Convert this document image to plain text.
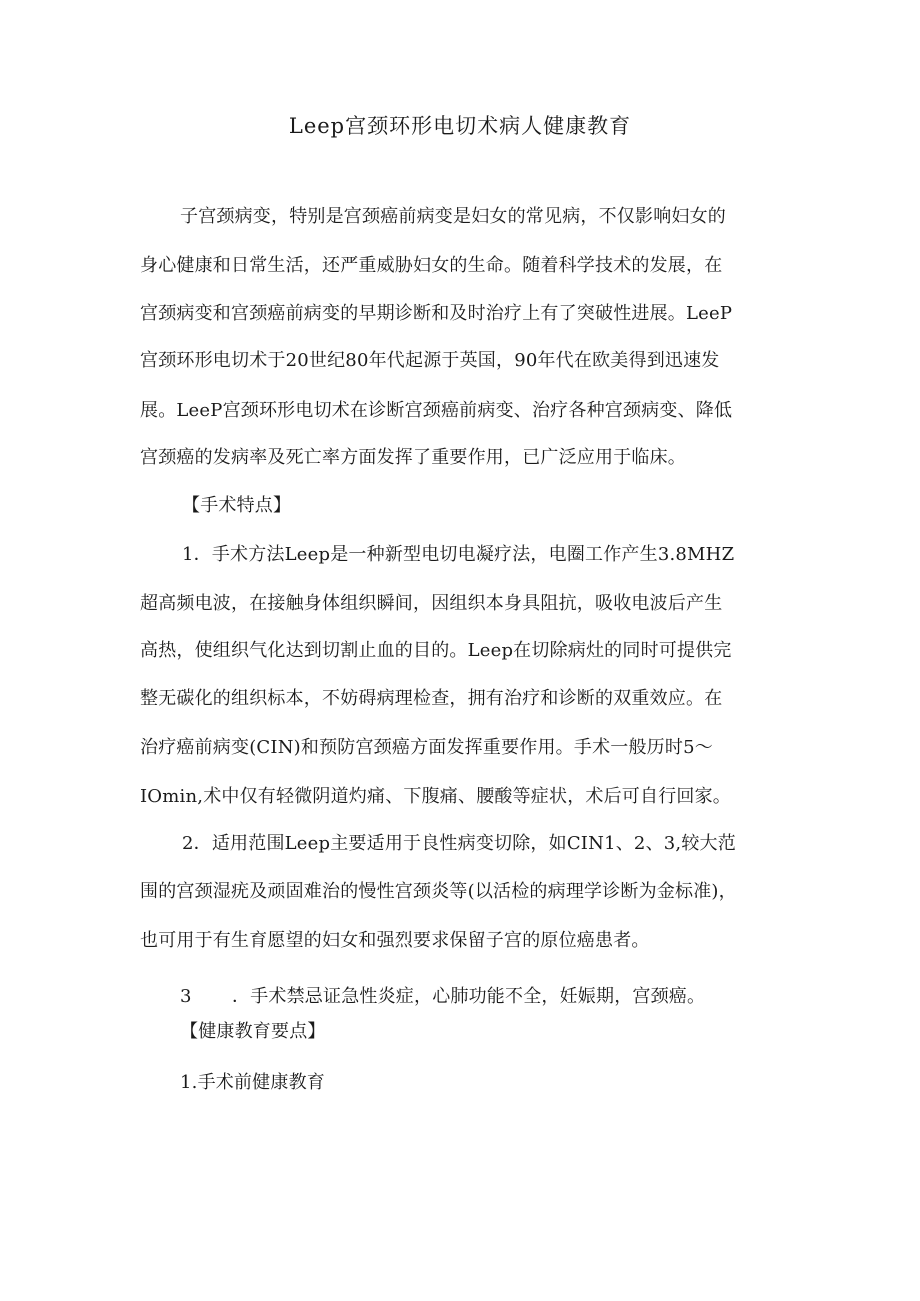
Leep宫颈环形电切术病人健康教育
子宫颈病变，特别是宫颈癌前病变是妇女的常见病，不仅影响妇女的
身心健康和日常生活，还严重威胁妇女的生命。随着科学技术的发展，在
宫颈病变和宫颈癌前病变的早期诊断和及时治疗上有了突破性进展。LeeP
宫颈环形电切术于20世纪80年代起源于英国，90年代在欧美得到迅速发
展。LeeP宫颈环形电切术在诊断宫颈癌前病变、治疗各种宫颈病变、降低
宫颈癌的发病率及死亡率方面发挥了重要作用，已广泛应用于临床。
【手术特点】
1．手术方法Leep是一种新型电切电凝疗法，电圈工作产生3.8MHZ
超高频电波，在接触身体组织瞬间，因组织本身具阻抗，吸收电波后产生
高热，使组织气化达到切割止血的目的。Leep在切除病灶的同时可提供完
整无碳化的组织标本，不妨碍病理检查，拥有治疗和诊断的双重效应。在
治疗癌前病变(CIN)和预防宫颈癌方面发挥重要作用。手术一般历时5～
IOmin,术中仅有轻微阴道灼痛、下腹痛、腰酸等症状，术后可自行回家。
2．适用范围Leep主要适用于良性病变切除，如CIN1、2、3,较大范
围的宫颈湿疣及顽固难治的慢性宫颈炎等(以活检的病理学诊断为金标准)，
也可用于有生育愿望的妇女和强烈要求保留子宫的原位癌患者。
3 ．手术禁忌证急性炎症，心肺功能不全，妊娠期，宫颈癌。
【健康教育要点】
1.手术前健康教育
